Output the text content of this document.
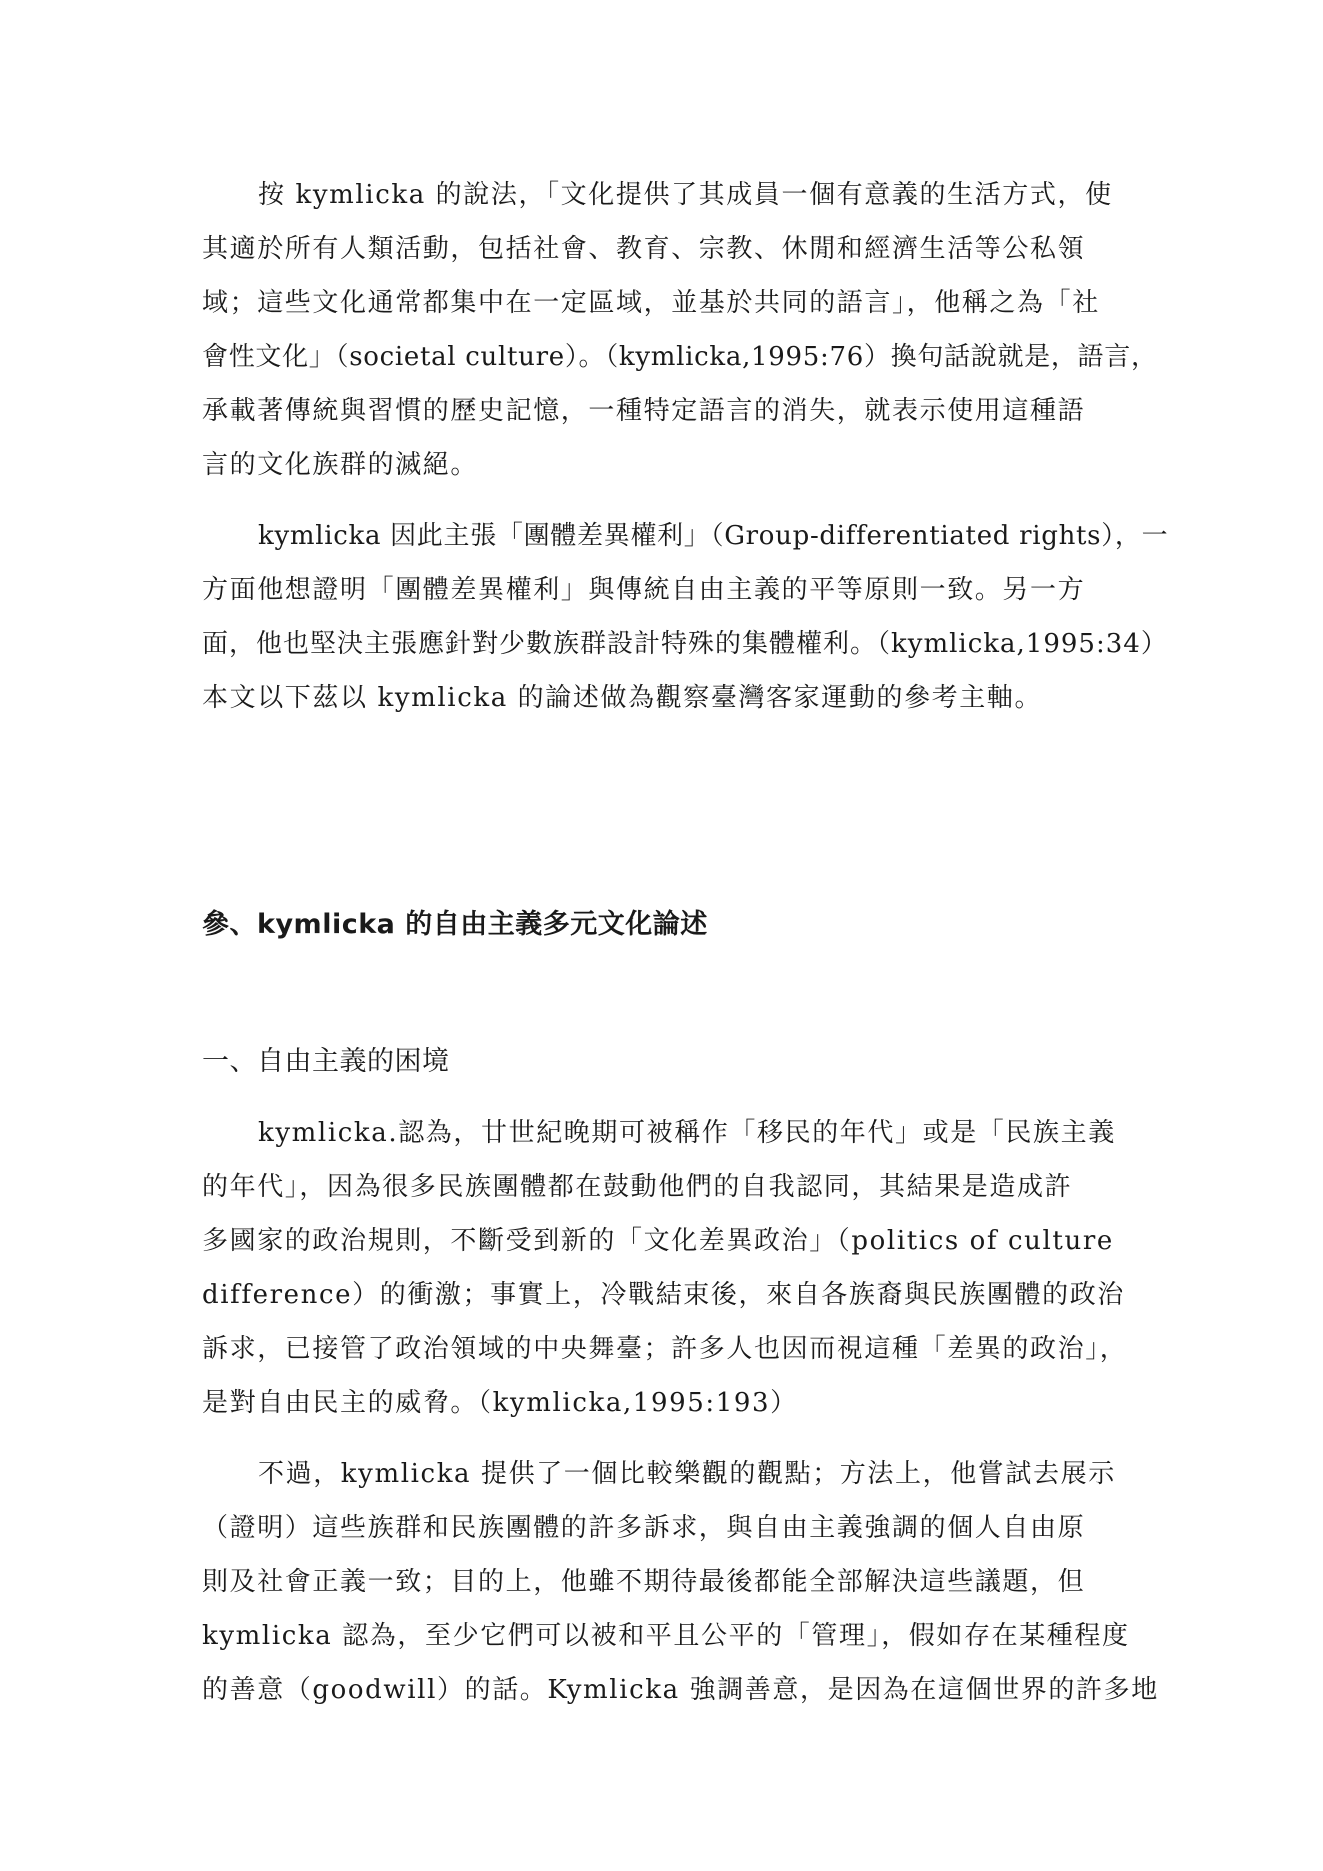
按 kymlicka 的說法，「文化提供了其成員一個有意義的生活方式，使
其適於所有人類活動，包括社會、教育、宗教、休閒和經濟生活等公私領
域；這些文化通常都集中在一定區域，並基於共同的語言」，他稱之為「社
會性文化」（societal culture）。（kymlicka,1995:76）換句話說就是，語言，
承載著傳統與習慣的歷史記憶，一種特定語言的消失，就表示使用這種語
言的文化族群的滅絕。
kymlicka 因此主張「團體差異權利」（Group-differentiated rights），一
方面他想證明「團體差異權利」與傳統自由主義的平等原則一致。另一方
面，他也堅決主張應針對少數族群設計特殊的集體權利。（kymlicka,1995:34）
本文以下茲以 kymlicka 的論述做為觀察臺灣客家運動的參考主軸。
參、kymlicka 的自由主義多元文化論述
一、自由主義的困境
kymlicka.認為，廿世紀晚期可被稱作「移民的年代」或是「民族主義
的年代」，因為很多民族團體都在鼓動他們的自我認同，其結果是造成許
多國家的政治規則，不斷受到新的「文化差異政治」（politics of culture
difference）的衝激；事實上，冷戰結束後，來自各族裔與民族團體的政治
訴求，已接管了政治領域的中央舞臺；許多人也因而視這種「差異的政治」，
是對自由民主的威脅。（kymlicka,1995:193）
不過，kymlicka 提供了一個比較樂觀的觀點；方法上，他嘗試去展示
（證明）這些族群和民族團體的許多訴求，與自由主義強調的個人自由原
則及社會正義一致；目的上，他雖不期待最後都能全部解決這些議題，但
kymlicka 認為，至少它們可以被和平且公平的「管理」，假如存在某種程度
的善意（goodwill）的話。Kymlicka 強調善意，是因為在這個世界的許多地
